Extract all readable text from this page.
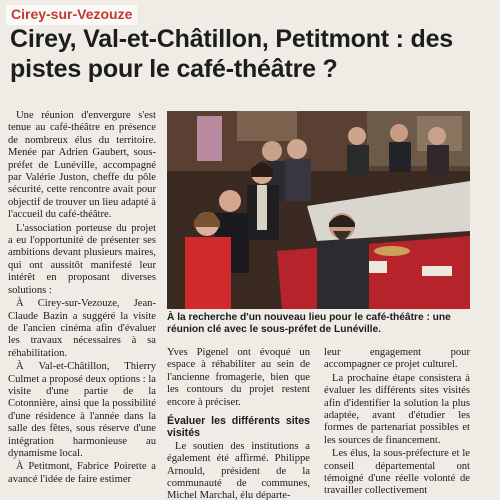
Cirey-sur-Vezouze
Cirey, Val-et-Châtillon, Petitmont : des pistes pour le café-théâtre ?

Une réunion d'envergure s'est tenue au café-théâtre en présence de nombreux élus du territoire. Menée par Adrien Gaubert, sous-préfet de Lunéville, accompagné par Valérie Juston, cheffe du pôle sécurité, cette rencontre avait pour objectif de trouver un lieu adapté à l'accueil du café-théâtre.

L'association porteuse du projet a eu l'opportunité de présenter ses ambitions devant plusieurs maires, qui ont aussitôt manifesté leur intérêt en proposant diverses solutions :

À Cirey-sur-Vezouze, Jean-Claude Bazin a suggéré la visite de l'ancien cinéma afin d'évaluer les travaux nécessaires à sa réhabilitation.

À Val-et-Châtillon, Thierry Culmet a proposé deux options : la visite d'une partie de la Cotonnière, ainsi que la possibilité d'une résidence à l'année dans la salle des fêtes, sous réserve d'une intégration harmonieuse au dynamisme local.

À Petitmont, Fabrice Poirette a avancé l'idée de faire estimer

À la recherche d'un nouveau lieu pour le café-théâtre : une réunion clé avec le sous-préfet de Lunéville.

Yves Pigenel ont évoqué un espace à réhabiliter au sein de l'ancienne fromagerie, bien que les contours du projet restent encore à préciser.

Évaluer les différents sites visités

Le soutien des institutions a également été affirmé. Philippe Arnould, président de la communauté de communes, Michel Marchal, élu départe-

leur engagement pour accompagner ce projet culturel.

La prochaine étape consistera à évaluer les différents sites visités afin d'identifier la solution la plus adaptée, avant d'étudier les formes de partenariat possibles et les sources de financement.

Les élus, la sous-préfecture et le conseil départemental ont témoigné d'une réelle volonté de travailler collectivement
